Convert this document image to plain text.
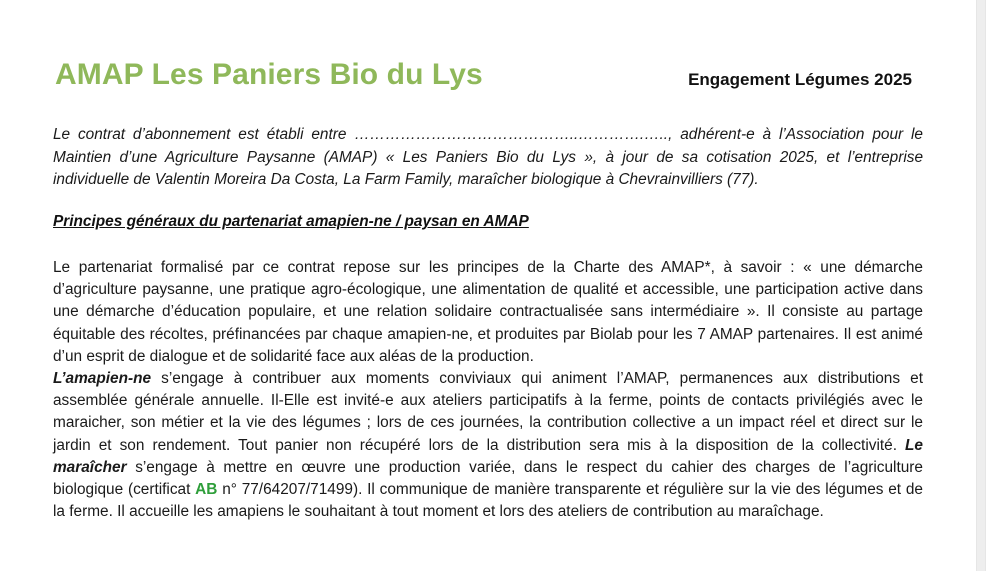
AMAP Les Paniers Bio du Lys	Engagement Légumes 2025
Le contrat d’abonnement est établi entre ……………………………………..………….….., adhérent-e à l’Association pour le Maintien d’une Agriculture Paysanne (AMAP) « Les Paniers Bio du Lys », à jour de sa cotisation 2025, et l’entreprise individuelle de Valentin Moreira Da Costa, La Farm Family, maraîcher biologique à Chevrainvilliers (77).
Principes généraux du partenariat amapien-ne / paysan en AMAP

Le partenariat formalisé par ce contrat repose sur les principes de la Charte des AMAP*, à savoir : « une démarche d’agriculture paysanne, une pratique agro-écologique, une alimentation de qualité et accessible, une participation active dans une démarche d’éducation populaire, et une relation solidaire contractualisée sans intermédiaire ». Il consiste au partage équitable des récoltes, préfinancées par chaque amapien-ne, et produites par Biolab pour les 7 AMAP partenaires. Il est animé d’un esprit de dialogue et de solidarité face aux aléas de la production.

L’amapien-ne s’engage à contribuer aux moments conviviaux qui animent l’AMAP, permanences aux distributions et assemblée générale annuelle. Il-Elle est invité-e aux ateliers participatifs à la ferme, points de contacts privilégiés avec le maraicher, son métier et la vie des légumes ; lors de ces journées, la contribution collective a un impact réel et direct sur le jardin et son rendement. Tout panier non récupéré lors de la distribution sera mis à la disposition de la collectivité. Le maraîcher s’engage à mettre en œuvre une production variée, dans le respect du cahier des charges de l’agriculture biologique (certificat AB n° 77/64207/71499). Il communique de manière transparente et régulière sur la vie des légumes et de la ferme. Il accueille les amapiens le souhaitant à tout moment et lors des ateliers de contribution au maraîchage.
